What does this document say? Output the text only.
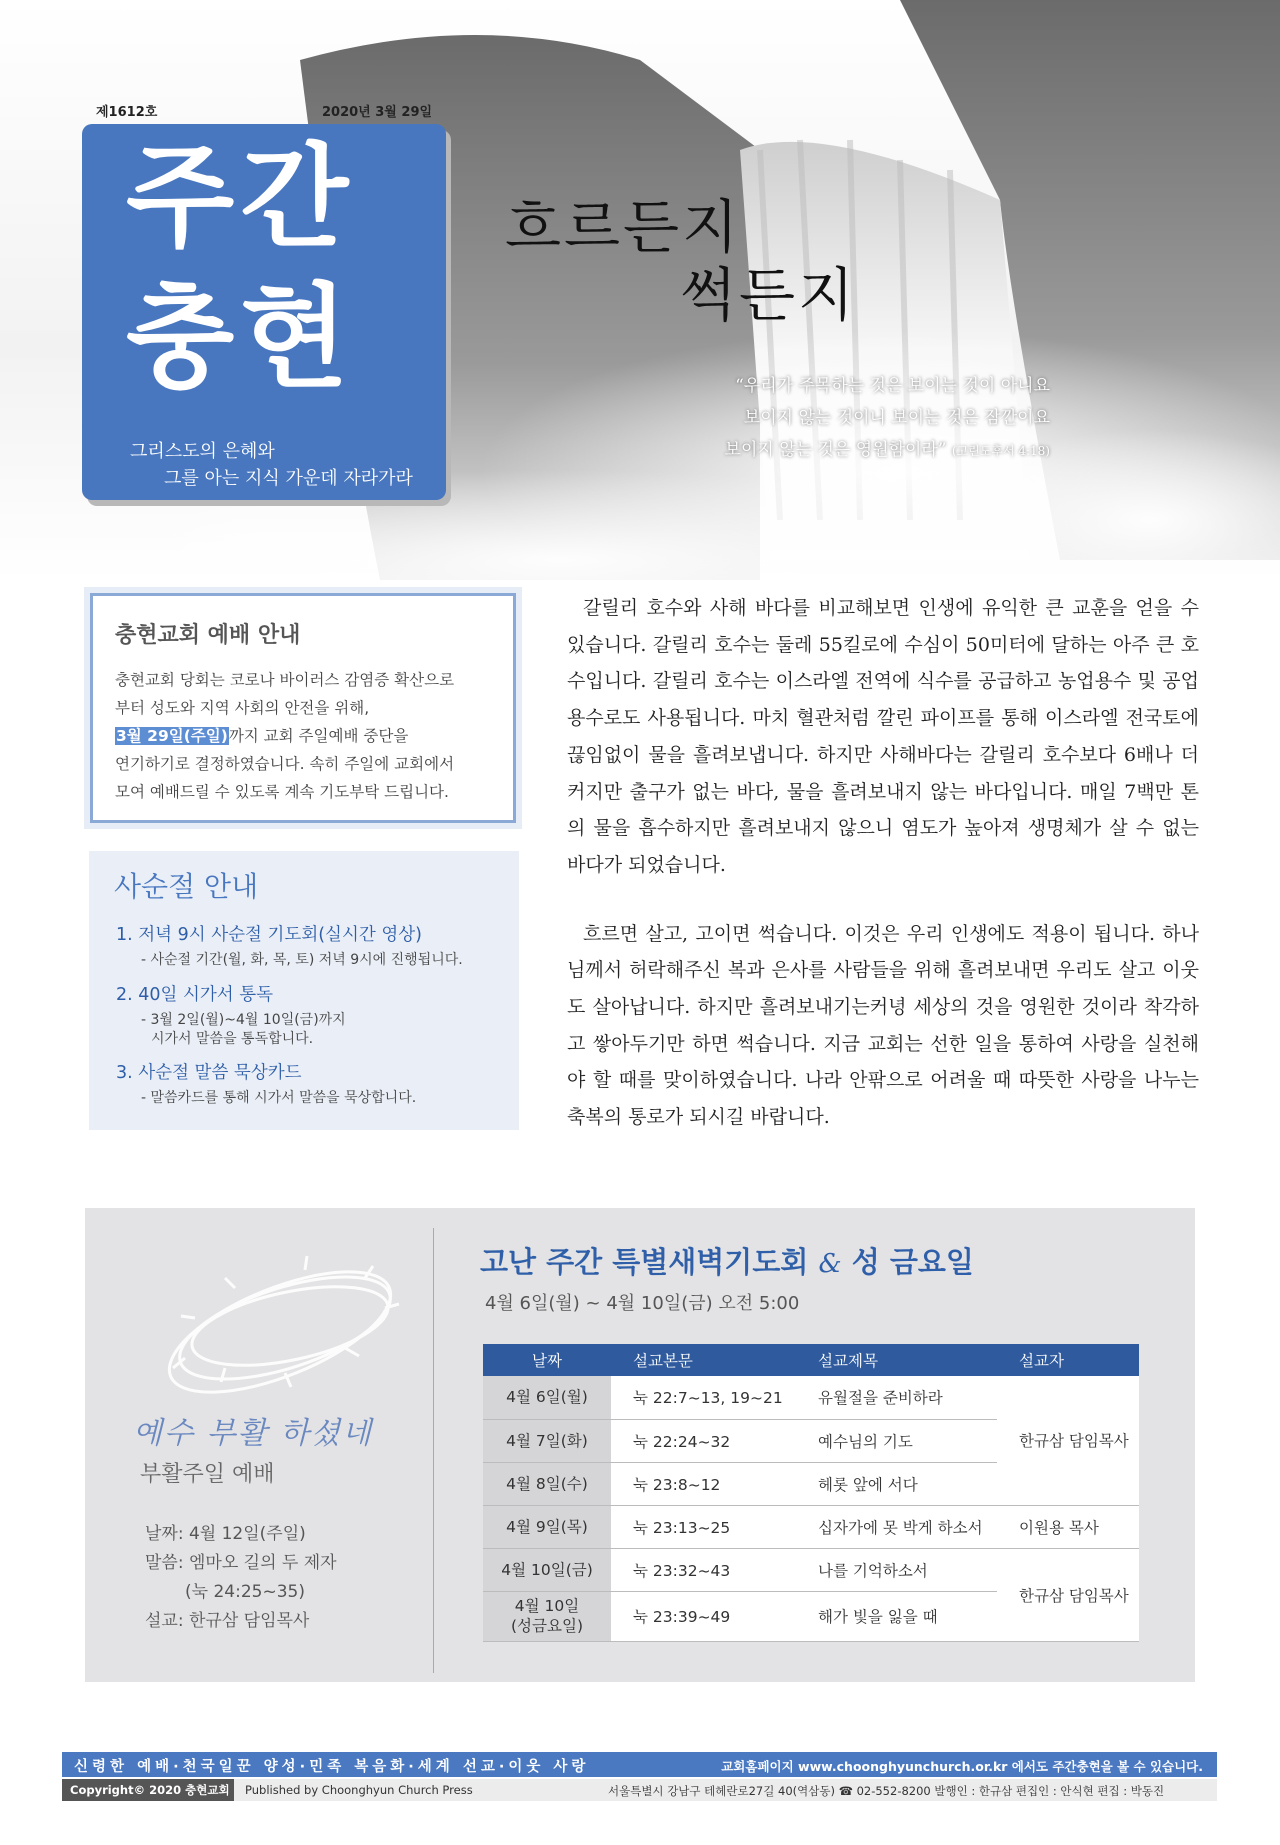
제1612호	2020년 3월 29일
주간
충현
그리스도의 은혜와
그를 아는 지식 가운데 자라가라
흐르든지
썩든지
“우리가 주목하는 것은 보이는 것이 아니요
보이지 않는 것이니 보이는 것은 잠깐이요
보이지 않는 것은 영원함이라” (고린도후서 4:18)
충현교회 예배 안내
충현교회 당회는 코로나 바이러스 감염증 확산으로
부터 성도와 지역 사회의 안전을 위해,
3월 29일(주일)까지 교회 주일예배 중단을
연기하기로 결정하였습니다. 속히 주일에 교회에서
모여 예배드릴 수 있도록 계속 기도부탁 드립니다.
사순절 안내
1. 저녁 9시 사순절 기도회(실시간 영상)
- 사순절 기간(월, 화, 목, 토) 저녁 9시에 진행됩니다.
2. 40일 시가서 통독
- 3월 2일(월)~4월 10일(금)까지
시가서 말씀을 통독합니다.
3. 사순절 말씀 묵상카드
- 말씀카드를 통해 시가서 말씀을 묵상합니다.

갈릴리 호수와 사해 바다를 비교해보면 인생에 유익한 큰 교훈을 얻을 수 있습니다. 갈릴리 호수는 둘레 55킬로에 수심이 50미터에 달하는 아주 큰 호수입니다. 갈릴리 호수는 이스라엘 전역에 식수를 공급하고 농업용수 및 공업용수로도 사용됩니다. 마치 혈관처럼 깔린 파이프를 통해 이스라엘 전국토에 끊임없이 물을 흘려보냅니다. 하지만 사해바다는 갈릴리 호수보다 6배나 더 커지만 출구가 없는 바다, 물을 흘려보내지 않는 바다입니다. 매일 7백만 톤의 물을 흡수하지만 흘려보내지 않으니 염도가 높아져 생명체가 살 수 없는 바다가 되었습니다.

흐르면 살고, 고이면 썩습니다. 이것은 우리 인생에도 적용이 됩니다. 하나님께서 허락해주신 복과 은사를 사람들을 위해 흘려보내면 우리도 살고 이웃도 살아납니다. 하지만 흘려보내기는커녕 세상의 것을 영원한 것이라 착각하고 쌓아두기만 하면 썩습니다. 지금 교회는 선한 일을 통하여 사랑을 실천해야 할 때를 맞이하였습니다. 나라 안팎으로 어려울 때 따뜻한 사랑을 나누는 축복의 통로가 되시길 바랍니다.

예수 부활 하셨네
부활주일 예배
날짜: 4월 12일(주일)
말씀: 엠마오 길의 두 제자
(눅 24:25~35)
설교: 한규삼 담임목사
고난 주간 특별새벽기도회 & 성 금요일
4월 6일(월) ~ 4월 10일(금) 오전 5:00
날짜	설교본문	설교제목	설교자
4월 6일(월)	눅 22:7~13, 19~21	유월절을 준비하라	한규삼 담임목사
4월 7일(화)	눅 22:24~32	예수님의 기도	
4월 8일(수)	눅 23:8~12	헤롯 앞에 서다	
4월 9일(목)	눅 23:13~25	십자가에 못 박게 하소서	이원용 목사
4월 10일(금)	눅 23:32~43	나를 기억하소서	한규삼 담임목사

4월 10일
(성금요일)	눅 23:39~49	해가 빛을 잃을 때	
신령한 예배·천국일꾼 양성·민족 복음화·세계 선교·이웃 사랑	교회홈페이지 www.choonghyunchurch.or.kr 에서도 주간충현을 볼 수 있습니다.
Copyright© 2020 충현교회	Published by Choonghyun Church Press	서울특별시 강남구 테헤란로27길 40(역삼동) ☎ 02-552-8200 발행인 : 한규삼 편집인 : 안식현 편집 : 박동진
